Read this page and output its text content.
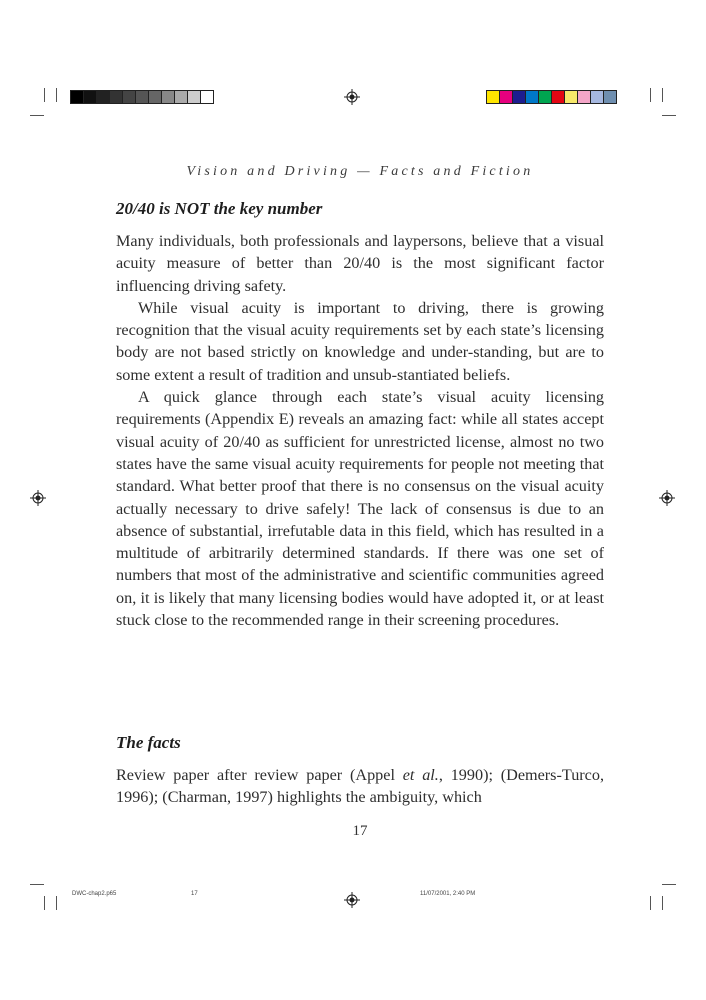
Vision and Driving — Facts and Fiction
20/40 is NOT the key number

Many individuals, both professionals and laypersons, believe that a visual acuity measure of better than 20/40 is the most significant factor influencing driving safety.

While visual acuity is important to driving, there is growing recognition that the visual acuity requirements set by each state’s licensing body are not based strictly on knowledge and under-standing, but are to some extent a result of tradition and unsub-stantiated beliefs.

A quick glance through each state’s visual acuity licensing requirements (Appendix E) reveals an amazing fact: while all states accept visual acuity of 20/40 as sufficient for unrestricted license, almost no two states have the same visual acuity requirements for people not meeting that standard. What better proof that there is no consensus on the visual acuity actually necessary to drive safely! The lack of consensus is due to an absence of substantial, irrefutable data in this field, which has resulted in a multitude of arbitrarily determined standards. If there was one set of numbers that most of the administrative and scientific communities agreed on, it is likely that many licensing bodies would have adopted it, or at least stuck close to the recommended range in their screening procedures.

The facts

Review paper after review paper (Appel et al., 1990); (Demers-Turco, 1996); (Charman, 1997) highlights the ambiguity, which

17
DWC-chap2.p65	17	11/07/2001, 2:40 PM
